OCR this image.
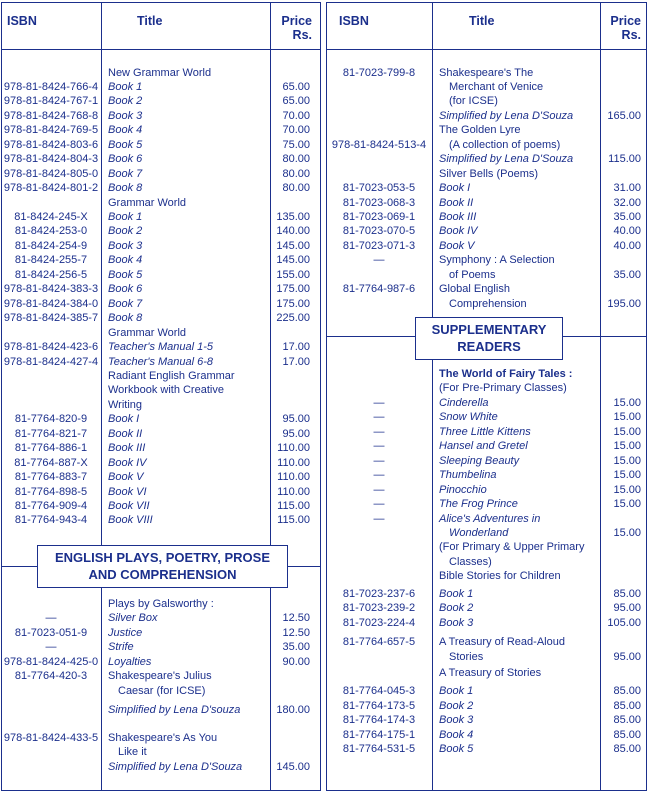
ISBN	Title	Price
Rs.
ISBN	Title	Price
Rs.
ENGLISH PLAYS, POETRY, PROSE
AND COMPREHENSION
SUPPLEMENTARY
READERS
New Grammar World
978-81-8424-766-4 Book 1	65.00
978-81-8424-767-1 Book 2	65.00
978-81-8424-768-8 Book 3	70.00
978-81-8424-769-5 Book 4	70.00
978-81-8424-803-6 Book 5	75.00
978-81-8424-804-3 Book 6	80.00
978-81-8424-805-0 Book 7	80.00
978-81-8424-801-2 Book 8	80.00
Grammar World
81-8424-245-X	Book 1	135.00
81-8424-253-0	Book 2	140.00
81-8424-254-9	Book 3	145.00
81-8424-255-7	Book 4	145.00
81-8424-256-5	Book 5	155.00
978-81-8424-383-3 Book 6	175.00
978-81-8424-384-0 Book 7	175.00
978-81-8424-385-7 Book 8	225.00
Grammar World
978-81-8424-423-6 Teacher's Manual 1-5	17.00
978-81-8424-427-4 Teacher's Manual 6-8	17.00
Radiant English Grammar
Workbook with Creative
Writing
81-7764-820-9	Book I	95.00
81-7764-821-7	Book II	95.00
81-7764-886-1	Book III	110.00
81-7764-887-X	Book IV	110.00
81-7764-883-7	Book V	110.00
81-7764-898-5	Book VI	110.00
81-7764-909-4	Book VII	115.00
81-7764-943-4	Book VIII	115.00
Plays by Galsworthy :
—	Silver Box	12.50
81-7023-051-9	Justice	12.50
—	Strife	35.00
978-81-8424-425-0 Loyalties	90.00
81-7764-420-3	Shakespeare's Julius
Caesar (for ICSE)
Simplified by Lena D'souza	180.00
978-81-8424-433-5 Shakespeare's As You
Like it
Simplified by Lena D'Souza	145.00
81-7023-799-8	Shakespeare's The
Merchant of Venice
(for ICSE)
Simplified by Lena D'Souza	165.00
The Golden Lyre
978-81-8424-513-4	(A collection of poems)
Simplified by Lena D'Souza	115.00
Silver Bells (Poems)
81-7023-053-5	Book I	31.00
81-7023-068-3	Book II	32.00
81-7023-069-1	Book III	35.00
81-7023-070-5	Book IV	40.00
81-7023-071-3	Book V	40.00
—	Symphony : A Selection
of Poems	35.00
81-7764-987-6	Global English
Comprehension	195.00
The World of Fairy Tales :
(For Pre-Primary Classes)
—	Cinderella	15.00
—	Snow White	15.00
—	Three Little Kittens	15.00
—	Hansel and Gretel	15.00
—	Sleeping Beauty	15.00
—	Thumbelina	15.00
—	Pinocchio	15.00
—	The Frog Prince	15.00
—	Alice's Adventures in
Wonderland	15.00
(For Primary & Upper Primary
Classes)
Bible Stories for Children
81-7023-237-6	Book 1	85.00
81-7023-239-2	Book 2	95.00
81-7023-224-4	Book 3	105.00
81-7764-657-5	A Treasury of Read-Aloud
Stories	95.00
A Treasury of Stories
81-7764-045-3	Book 1	85.00
81-7764-173-5	Book 2	85.00
81-7764-174-3	Book 3	85.00
81-7764-175-1	Book 4	85.00
81-7764-531-5	Book 5	85.00
